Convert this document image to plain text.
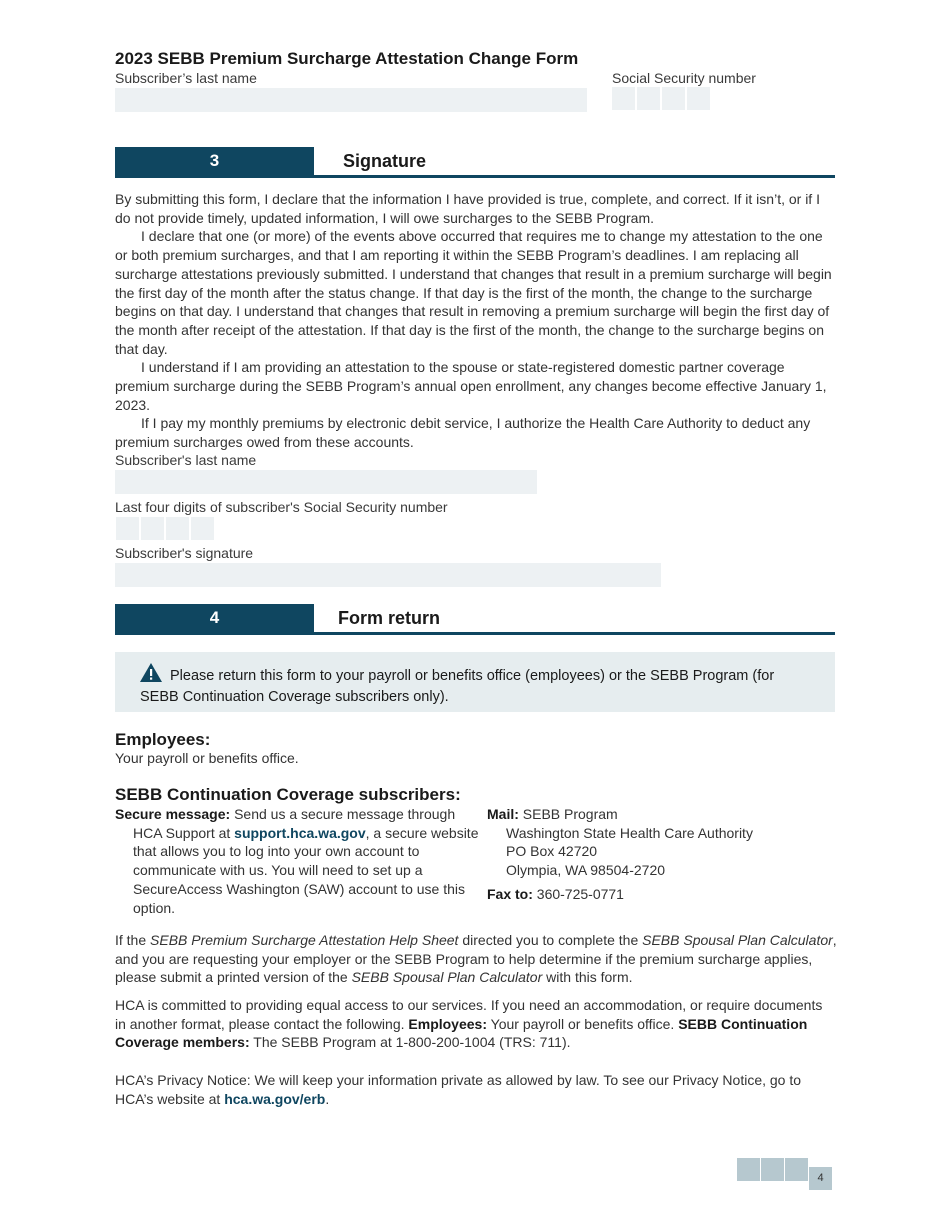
2023 SEBB Premium Surcharge Attestation Change Form
Subscriber’s last name	Social Security number
3	Signature

By submitting this form, I declare that the information I have provided is true, complete, and correct. If it isn’t, or if I do not provide timely, updated information, I will owe surcharges to the SEBB Program.

I declare that one (or more) of the events above occurred that requires me to change my attestation to the one or both premium surcharges, and that I am reporting it within the SEBB Program’s deadlines. I am replacing all surcharge attestations previously submitted. I understand that changes that result in a premium surcharge will begin the first day of the month after the status change. If that day is the first of the month, the change to the surcharge begins on that day. I understand that changes that result in removing a premium surcharge will begin the first day of the month after receipt of the attestation. If that day is the first of the month, the change to the surcharge begins on that day.

I understand if I am providing an attestation to the spouse or state-registered domestic partner coverage premium surcharge during the SEBB Program’s annual open enrollment, any changes become effective January 1, 2023.

If I pay my monthly premiums by electronic debit service, I authorize the Health Care Authority to deduct any premium surcharges owed from these accounts.

Subscriber's last name
Last four digits of subscriber's Social Security number
Subscriber's signature
4	Form return
Please return this form to your payroll or benefits office (employees) or the SEBB Program (for SEBB Continuation Coverage subscribers only).
Employees:
Your payroll or benefits office.
SEBB Continuation Coverage subscribers:
Secure message: Send us a secure message through HCA Support at support.hca.wa.gov, a secure website that allows you to log into your own account to communicate with us. You will need to set up a SecureAccess Washington (SAW) account to use this option.
Mail: SEBB Program
Washington State Health Care Authority
PO Box 42720
Olympia, WA 98504-2720
Fax to: 360-725-0771
If the SEBB Premium Surcharge Attestation Help Sheet directed you to complete the SEBB Spousal Plan Calculator, and you are requesting your employer or the SEBB Program to help determine if the premium surcharge applies, please submit a printed version of the SEBB Spousal Plan Calculator with this form.
HCA is committed to providing equal access to our services. If you need an accommodation, or require documents in another format, please contact the following. Employees: Your payroll or benefits office. SEBB Continuation Coverage members: The SEBB Program at 1-800-200-1004 (TRS: 711).
HCA’s Privacy Notice: We will keep your information private as allowed by law. To see our Privacy Notice, go to HCA’s website at hca.wa.gov/erb.
4
